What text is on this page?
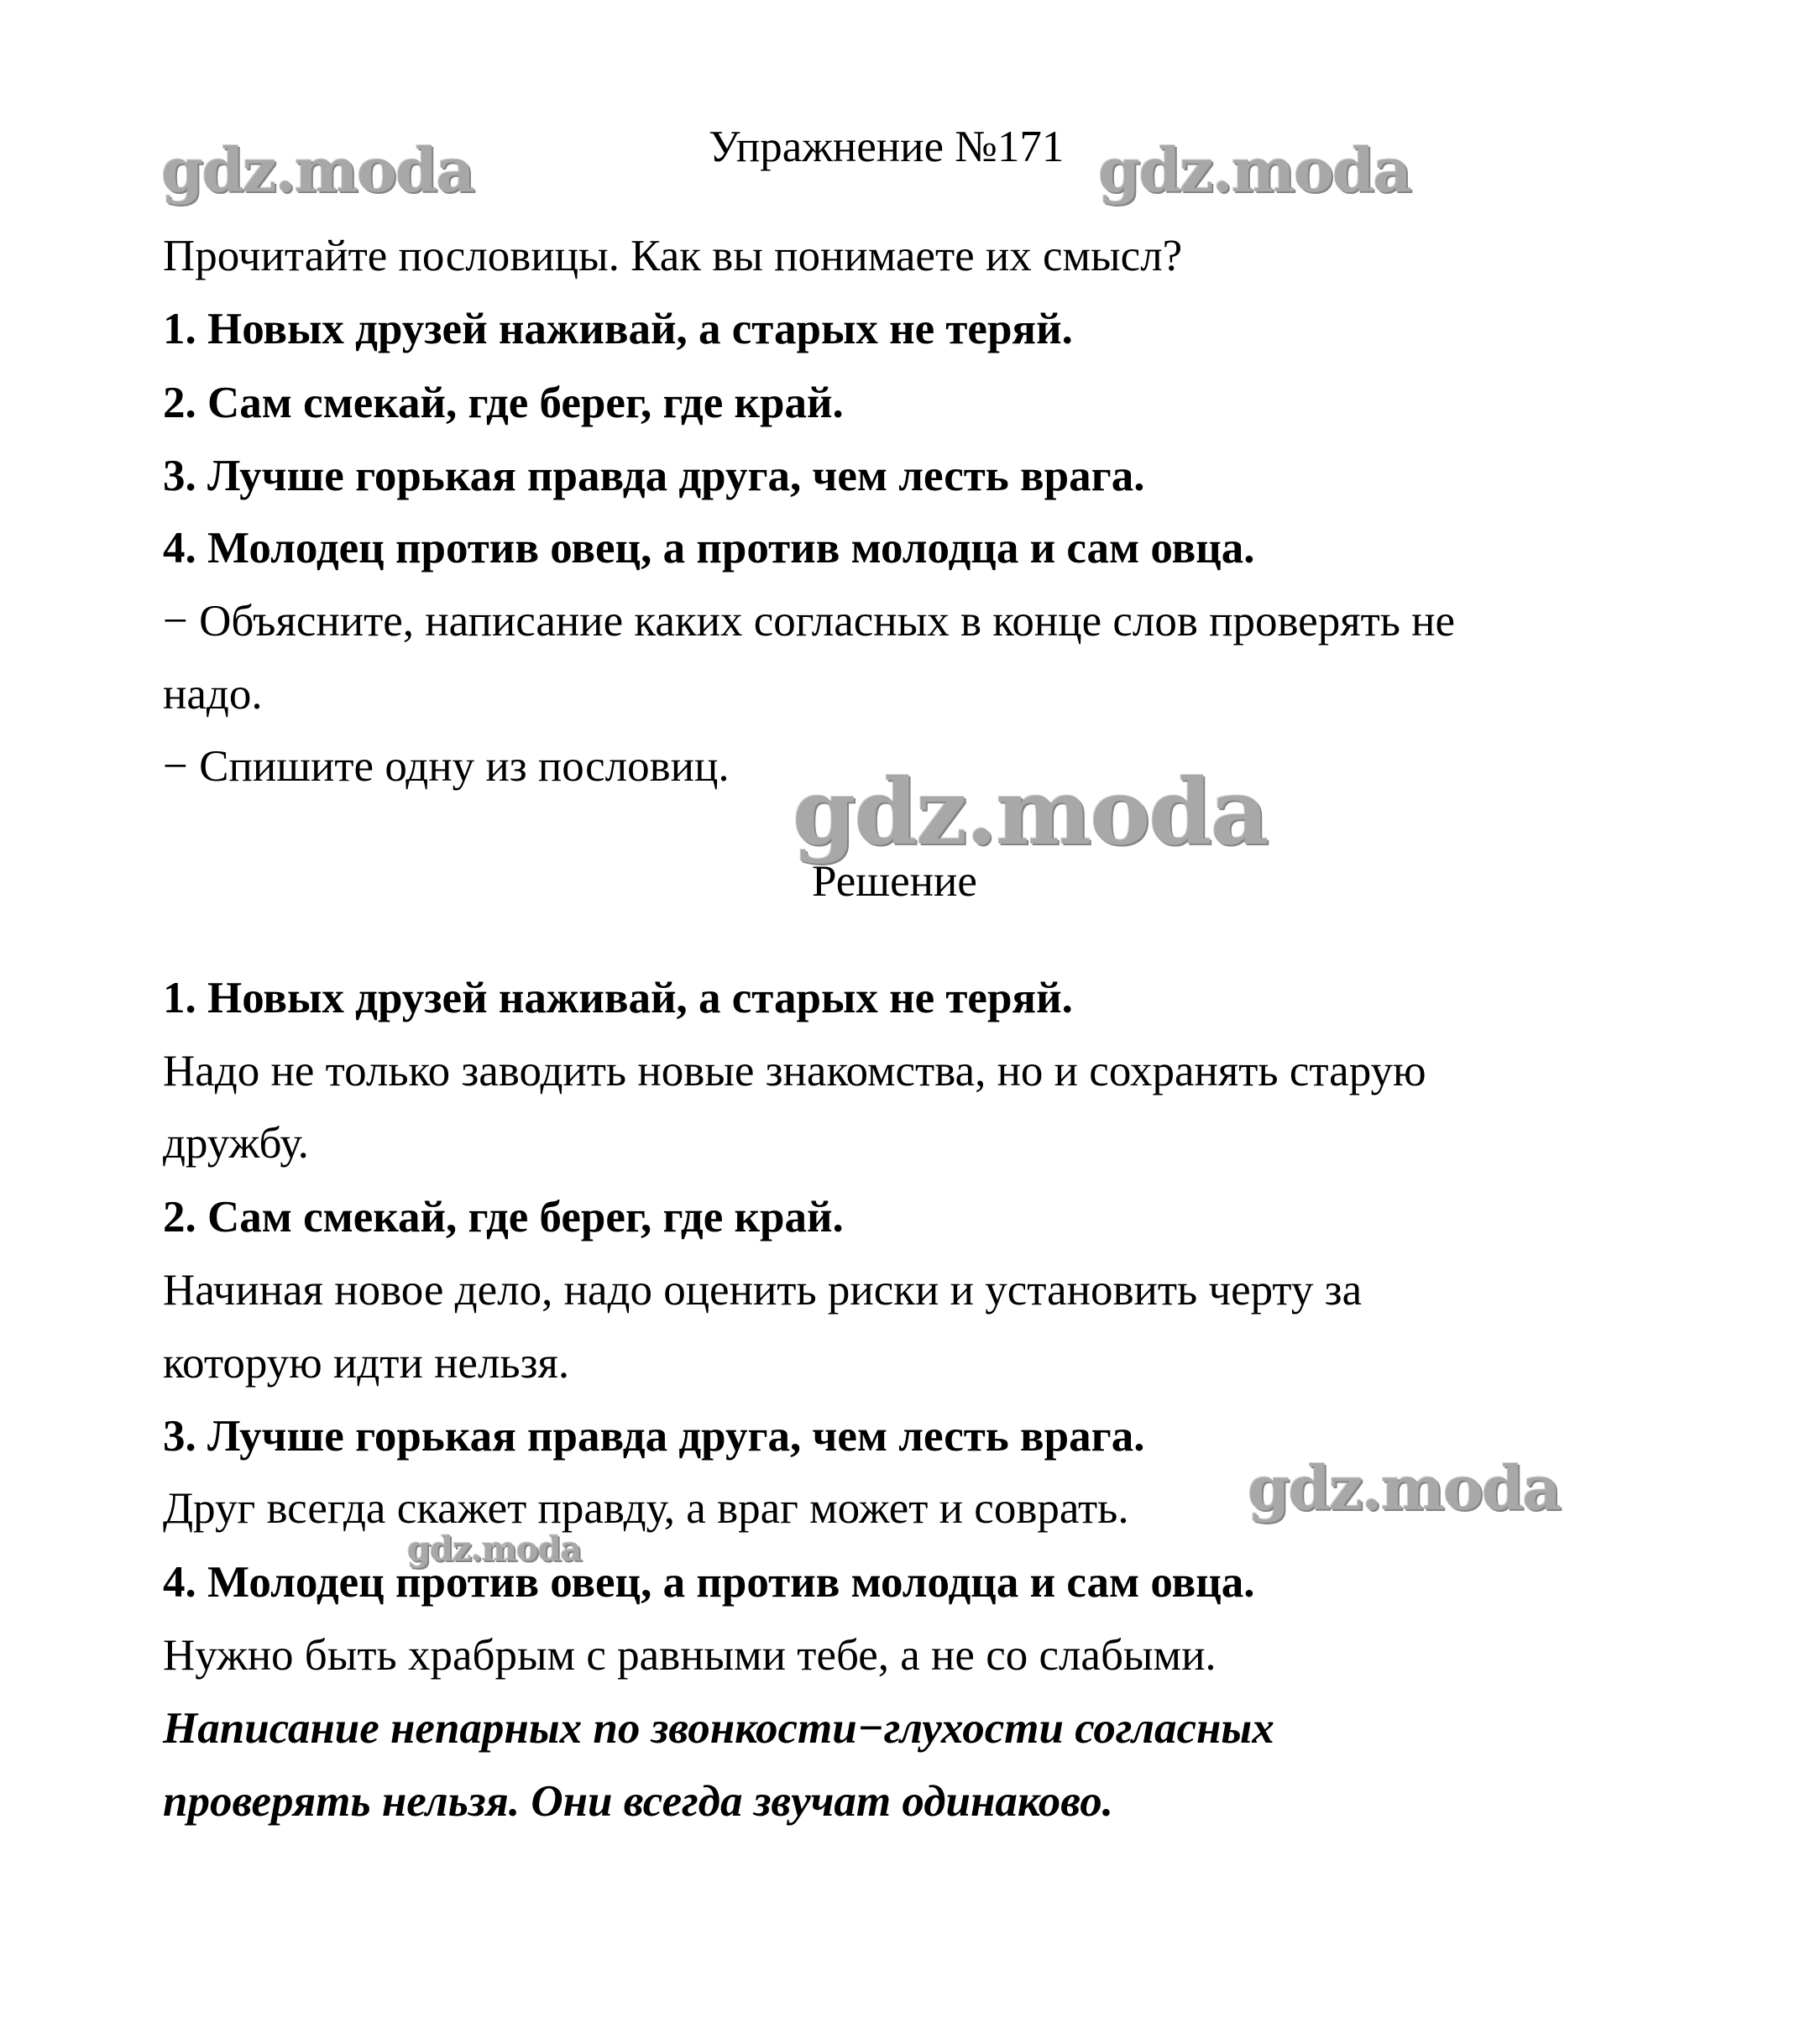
Упражнение №171
Прочитайте пословицы. Как вы понимаете их смысл?
1. Новых друзей наживай, а старых не теряй.
2. Сам смекай, где берег, где край.
3. Лучше горькая правда друга, чем лесть врага.
4. Молодец против овец, а против молодца и сам овца.
− Объясните, написание каких согласных в конце слов проверять не
надо.
− Спишите одну из пословиц.
Решение
1. Новых друзей наживай, а старых не теряй.
Надо не только заводить новые знакомства, но и сохранять старую
дружбу.
2. Сам смекай, где берег, где край.
Начиная новое дело, надо оценить риски и установить черту за
которую идти нельзя.
3. Лучше горькая правда друга, чем лесть врага.
Друг всегда скажет правду, а враг может и соврать.
4. Молодец против овец, а против молодца и сам овца.
Нужно быть храбрым с равными тебе, а не со слабыми.
Написание непарных по звонкости−глухости согласных
проверять нельзя. Они всегда звучат одинаково.
gdz.moda	gdz.moda
gdz.moda
gdz.moda
gdz.moda
